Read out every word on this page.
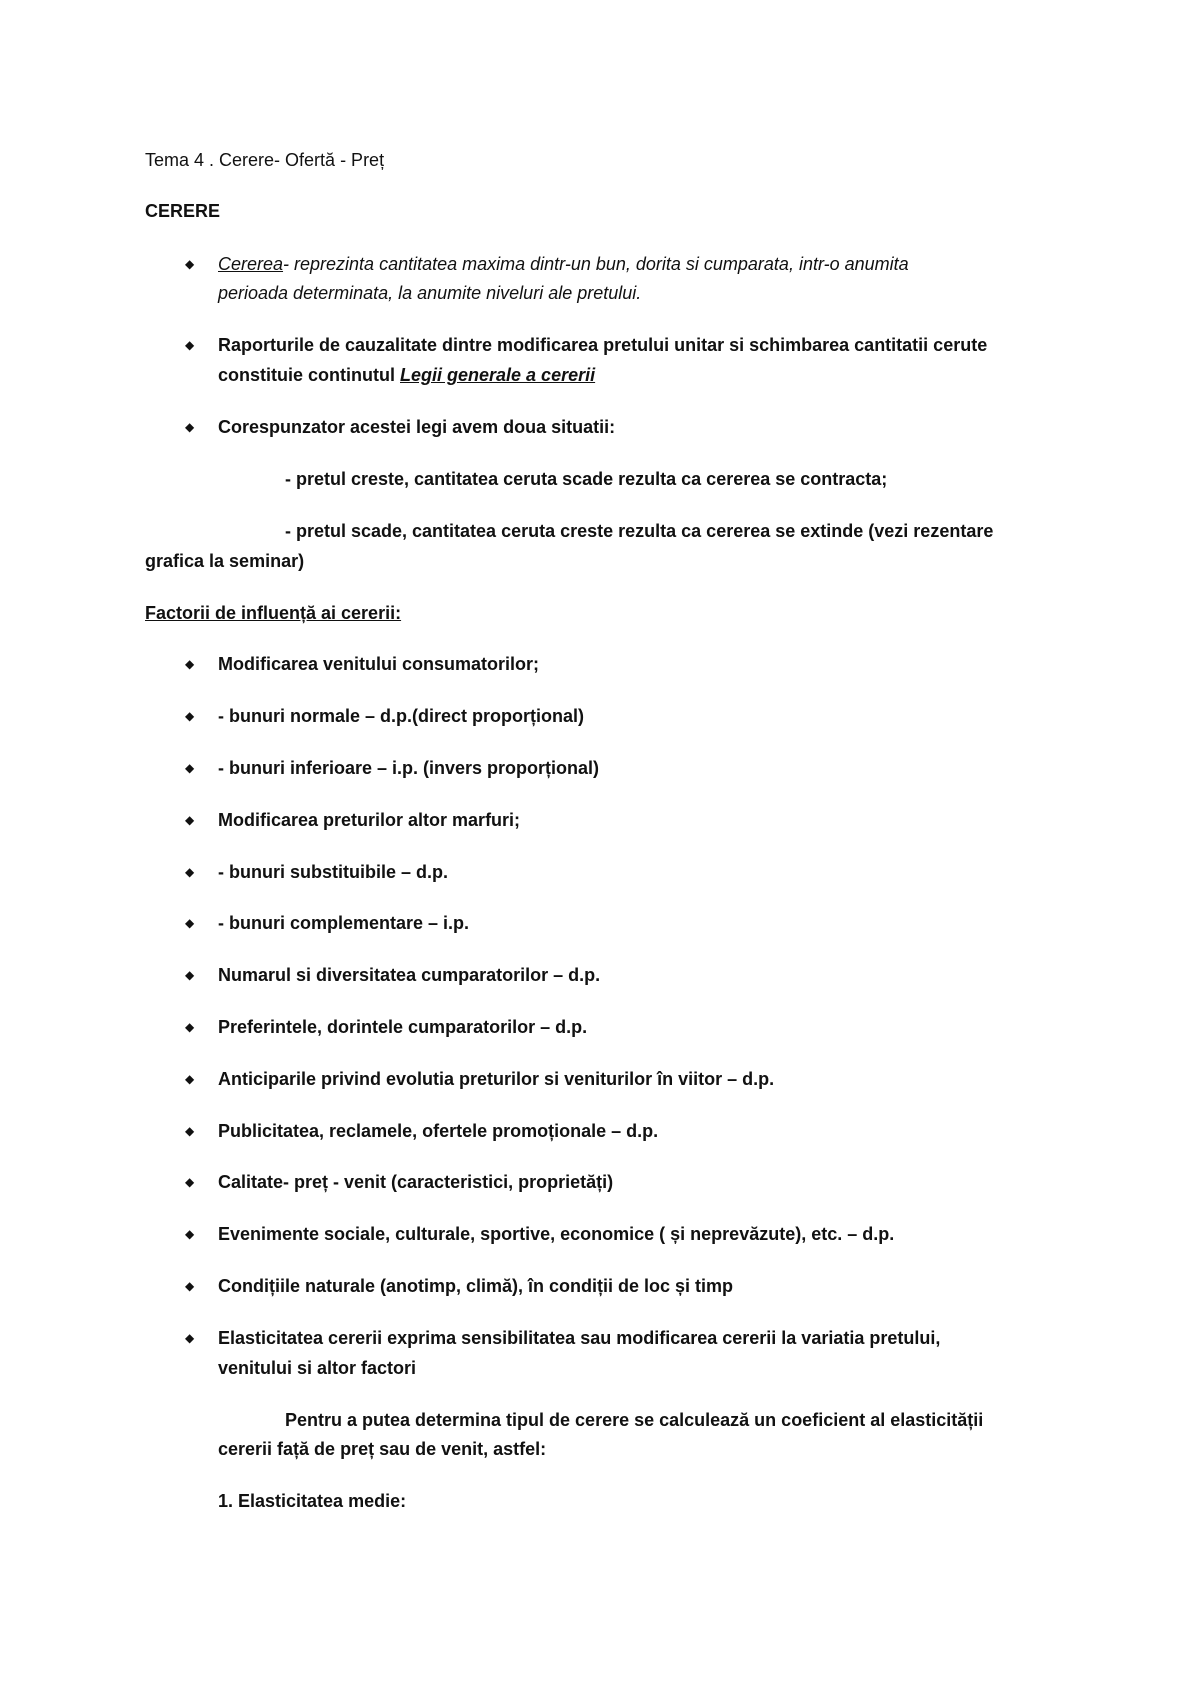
Tema 4 . Cerere- Ofertă - Preț
CERERE
◆ Cererea- reprezinta cantitatea maxima dintr-un bun, dorita si cumparata, intr-o anumita
perioada determinata, la anumite niveluri ale pretului.
◆ Raporturile de cauzalitate dintre modificarea pretului unitar si schimbarea cantitatii cerute
constituie continutul Legii generale a cererii
◆ Corespunzator acestei legi avem doua situatii:
- pretul creste, cantitatea ceruta scade rezulta ca cererea se contracta;
- pretul scade, cantitatea ceruta creste rezulta ca cererea se extinde (vezi rezentare
grafica la seminar)
Factorii de influență ai cererii:
◆ Modificarea venitului consumatorilor;
◆ - bunuri normale – d.p.(direct proporțional)
◆ - bunuri inferioare – i.p. (invers proporțional)
◆ Modificarea preturilor altor marfuri;
◆ - bunuri substituibile – d.p.
◆ - bunuri complementare – i.p.
◆ Numarul si diversitatea cumparatorilor – d.p.
◆ Preferintele, dorintele cumparatorilor – d.p.
◆ Anticiparile privind evolutia preturilor si veniturilor în viitor – d.p.
◆ Publicitatea, reclamele, ofertele promoționale – d.p.
◆ Calitate- preț - venit (caracteristici, proprietăți)
◆ Evenimente sociale, culturale, sportive, economice ( și neprevăzute), etc. – d.p.
◆ Condițiile naturale (anotimp, climă), în condiții de loc și timp
◆ Elasticitatea cererii exprima sensibilitatea sau modificarea cererii la variatia pretului,
venitului si altor factori
Pentru a putea determina tipul de cerere se calculează un coeficient al elasticității
cererii față de preț sau de venit, astfel:
1. Elasticitatea medie:
